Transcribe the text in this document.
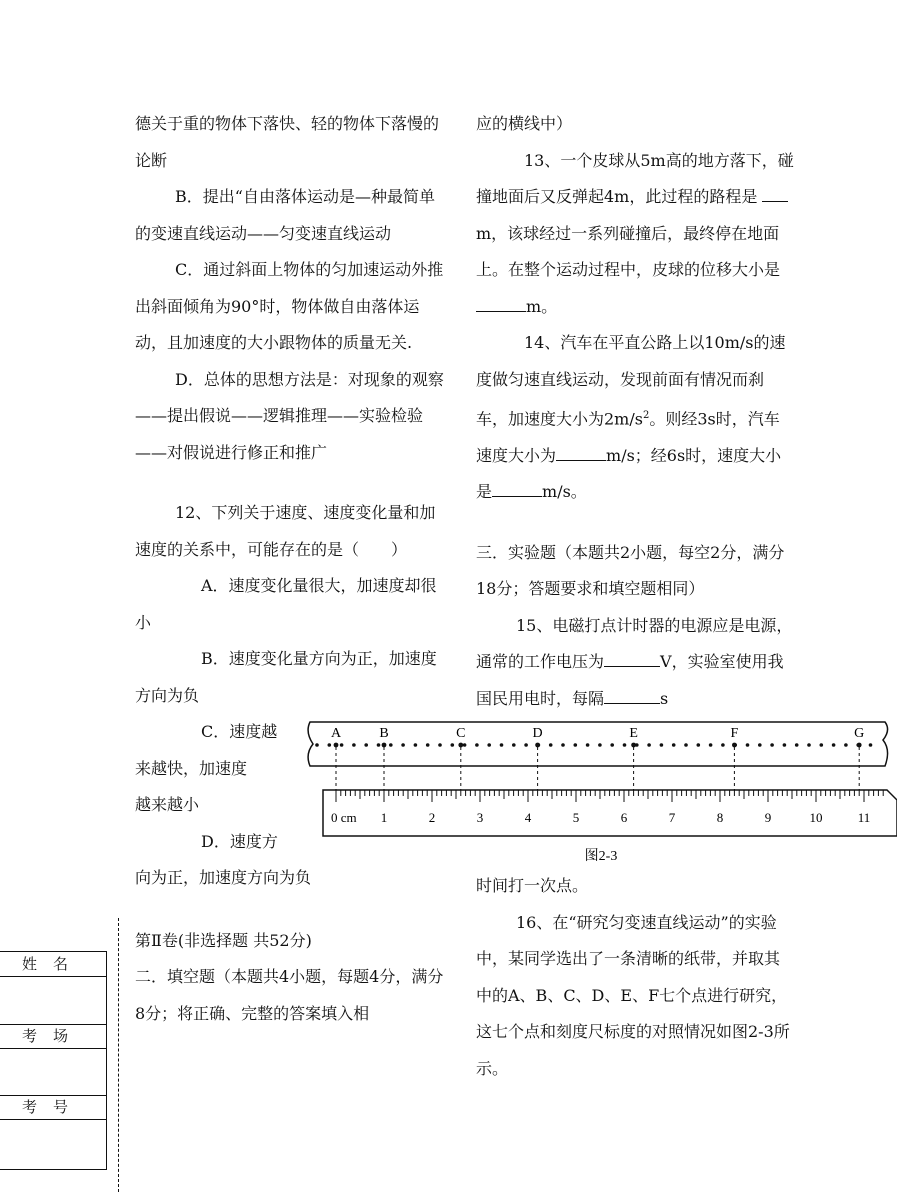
德关于重的物体下落快、轻的物体下落慢的论断

B．提出“自由落体运动是—种最简单的变速直线运动——匀变速直线运动

C．通过斜面上物体的匀加速运动外推出斜面倾角为90°时，物体做自由落体运动，且加速度的大小跟物体的质量无关.

D．总体的思想方法是：对现象的观察——提出假说——逻辑推理——实验检验——对假说进行修正和推广

12、下列关于速度、速度变化量和加速度的关系中，可能存在的是（　　）

A．速度变化量很大，加速度却很小

B．速度变化量方向为正，加速度方向为负

C．速度越

来越快，加速度

越来越小

D．速度方

向为正，加速度方向为负

第Ⅱ卷(非选择题 共52分)

二．填空题（本题共4小题，每题4分，满分8分；将正确、完整的答案填入相

应的横线中）

13、一个皮球从5m高的地方落下，碰撞地面后又反弹起4m，此过程的路程是  m，该球经过一系列碰撞后，最终停在地面上。在整个运动过程中，皮球的位移大小是m。

14、汽车在平直公路上以10m/s的速度做匀速直线运动，发现前面有情况而刹车，加速度大小为$2m/s^2$。则经3s时，汽车速度大小为	m/s；经6s时，速度大小是	m/s。

三．实验题（本题共2小题，每空2分，满分18分；答题要求和填空题相同）

15、电磁打点计时器的电源应是电源，通常的工作电压为	V，实验室使用我国民用电时，每隔	s

时间打一次点。

16、在“研究匀变速直线运动”的实验中，某同学选出了一条清晰的纸带，并取其中的A、B、C、D、E、F七个点进行研究，这七个点和刻度尺标度的对照情况如图2-3所示。

A	B	C	D	E	F	G
1	2	3	4	5	6	7	8	9	10	11
0 cm
图2-3
姓名
考场
考号
